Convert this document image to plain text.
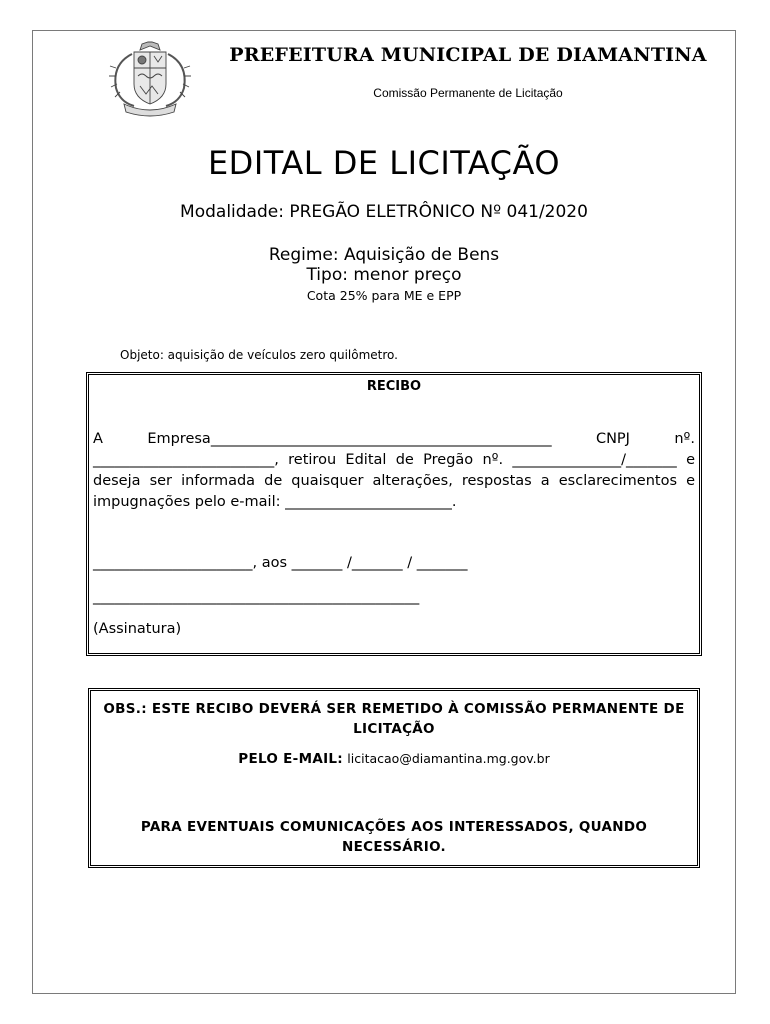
PREFEITURA MUNICIPAL DE DIAMANTINA
Comissão Permanente de Licitação
EDITAL DE LICITAÇÃO
Modalidade: PREGÃO ELETRÔNICO Nº 041/2020
Regime: Aquisição de Bens
Tipo: menor preço
Cota 25% para ME e EPP
Objeto: aquisição de veículos zero quilômetro.
RECIBO
A Empresa_______________________________________________ CNPJ nº. _________________________, retirou Edital de Pregão nº. _______________/_______ e deseja ser informada de quaisquer alterações, respostas a esclarecimentos e impugnações pelo e-mail: _______________________.
______________________, aos _______ /_______ / _______
_____________________________________________
(Assinatura)
OBS.: ESTE RECIBO DEVERÁ SER REMETIDO À COMISSÃO PERMANENTE DE LICITAÇÃO
PELO E-MAIL: licitacao@diamantina.mg.gov.br
PARA EVENTUAIS COMUNICAÇÕES AOS INTERESSADOS, QUANDO NECESSÁRIO.
